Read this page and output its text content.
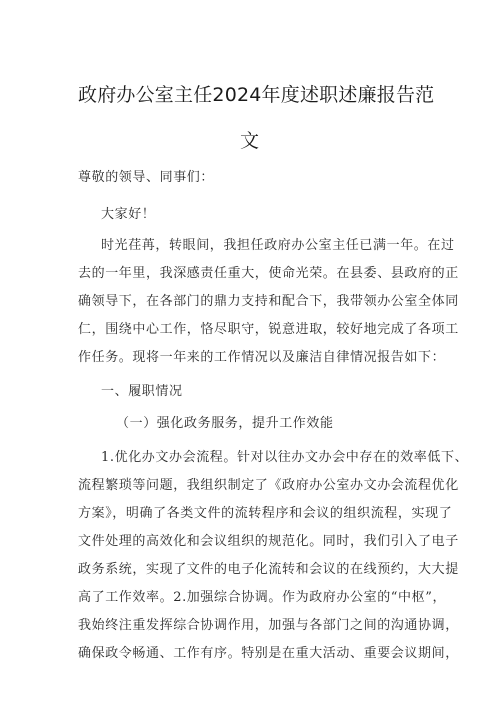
政府办公室主任2024年度述职述廉报告范
文
尊敬的领导、同事们：
大家好！
时光荏苒，转眼间，我担任政府办公室主任已满一年。在过
去的一年里，我深感责任重大，使命光荣。在县委、县政府的正
确领导下，在各部门的鼎力支持和配合下，我带领办公室全体同
仁，围绕中心工作，恪尽职守，锐意进取，较好地完成了各项工
作任务。现将一年来的工作情况以及廉洁自律情况报告如下：
一、履职情况
（一）强化政务服务，提升工作效能
1.优化办文办会流程。针对以往办文办会中存在的效率低下、
流程繁琐等问题，我组织制定了《政府办公室办文办会流程优化
方案》，明确了各类文件的流转程序和会议的组织流程，实现了
文件处理的高效化和会议组织的规范化。同时，我们引入了电子
政务系统，实现了文件的电子化流转和会议的在线预约，大大提
高了工作效率。2.加强综合协调。作为政府办公室的“中枢”，
我始终注重发挥综合协调作用，加强与各部门之间的沟通协调，
确保政令畅通、工作有序。特别是在重大活动、重要会议期间，
